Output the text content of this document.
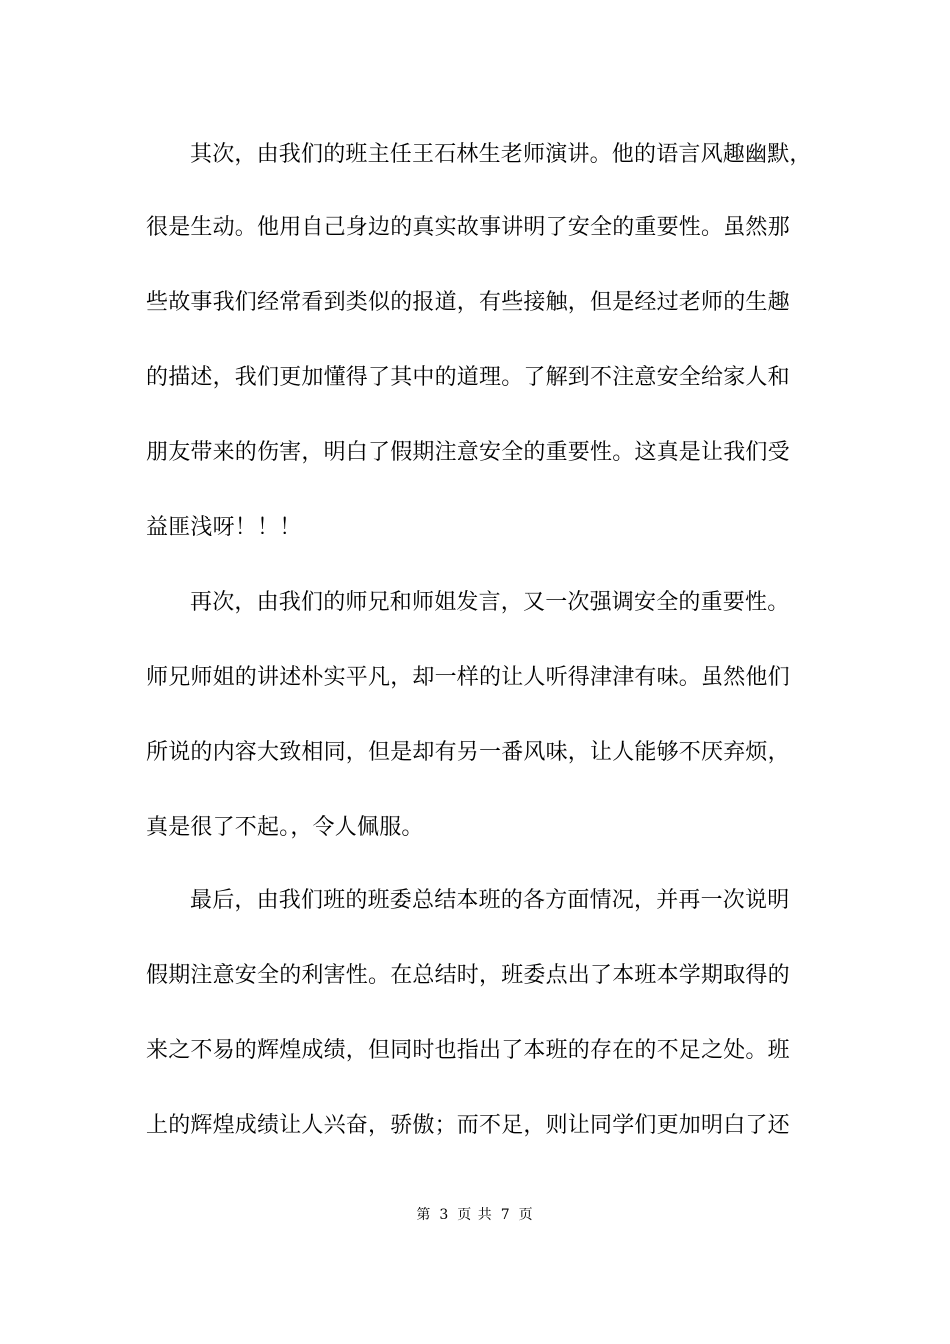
其次，由我们的班主任王石林生老师演讲。他的语言风趣幽默，
很是生动。他用自己身边的真实故事讲明了安全的重要性。虽然那
些故事我们经常看到类似的报道，有些接触，但是经过老师的生趣
的描述，我们更加懂得了其中的道理。了解到不注意安全给家人和
朋友带来的伤害，明白了假期注意安全的重要性。这真是让我们受
益匪浅呀！！！
再次，由我们的师兄和师姐发言，又一次强调安全的重要性。
师兄师姐的讲述朴实平凡，却一样的让人听得津津有味。虽然他们
所说的内容大致相同，但是却有另一番风味，让人能够不厌弃烦，
真是很了不起。，令人佩服。
最后，由我们班的班委总结本班的各方面情况，并再一次说明
假期注意安全的利害性。在总结时，班委点出了本班本学期取得的
来之不易的辉煌成绩，但同时也指出了本班的存在的不足之处。班
上的辉煌成绩让人兴奋，骄傲；而不足，则让同学们更加明白了还
第 3 页 共 7 页
